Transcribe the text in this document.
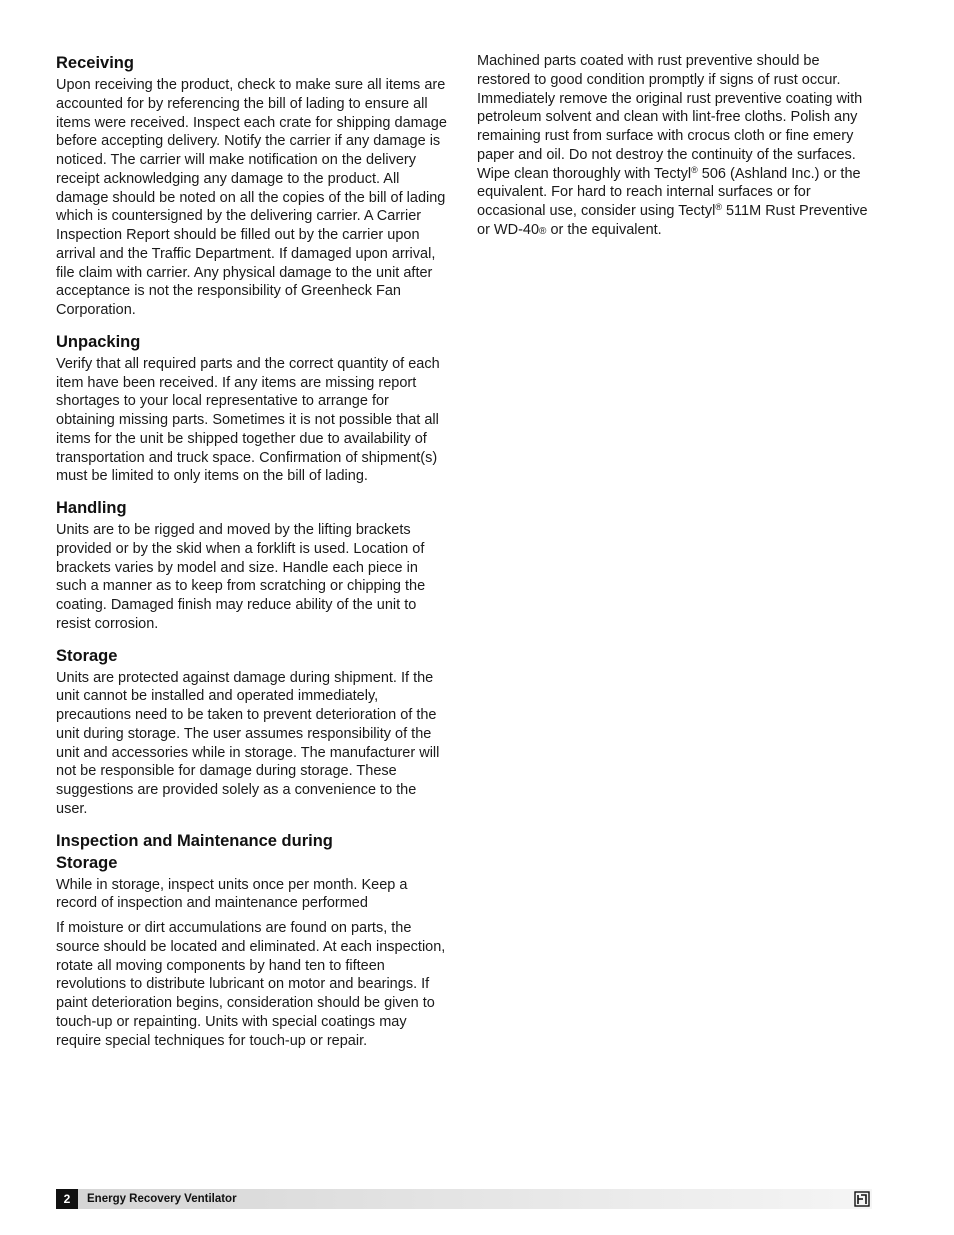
Receiving

Upon receiving the product, check to make sure all items are accounted for by referencing the bill of lading to ensure all items were received. Inspect each crate for shipping damage before accepting delivery. Notify the carrier if any damage is noticed. The carrier will make notification on the delivery receipt acknowledging any damage to the product. All damage should be noted on all the copies of the bill of lading which is countersigned by the delivering carrier. A Carrier Inspection Report should be filled out by the carrier upon arrival and the Traffic Department. If damaged upon arrival, file claim with carrier. Any physical damage to the unit after acceptance is not the responsibility of Greenheck Fan Corporation.

Unpacking

Verify that all required parts and the correct quantity of each item have been received. If any items are missing report shortages to your local representative to arrange for obtaining missing parts. Sometimes it is not possible that all items for the unit be shipped together due to availability of transportation and truck space. Confirmation of shipment(s) must be limited to only items on the bill of lading.

Handling

Units are to be rigged and moved by the lifting brackets provided or by the skid when a forklift is used. Location of brackets varies by model and size. Handle each piece in such a manner as to keep from scratching or chipping the coating. Damaged finish may reduce ability of the unit to resist corrosion.

Storage

Units are protected against damage during shipment. If the unit cannot be installed and operated immediately, precautions need to be taken to prevent deterioration of the unit during storage. The user assumes responsibility of the unit and accessories while in storage. The manufacturer will not be responsible for damage during storage. These suggestions are provided solely as a convenience to the user.

Inspection and Maintenance during Storage

While in storage, inspect units once per month. Keep a record of inspection and maintenance performed

If moisture or dirt accumulations are found on parts, the source should be located and eliminated. At each inspection, rotate all moving components by hand ten to fifteen revolutions to distribute lubricant on motor and bearings. If paint deterioration begins, consideration should be given to touch-up or repainting. Units with special coatings may require special techniques for touch-up or repair.

Machined parts coated with rust preventive should be restored to good condition promptly if signs of rust occur. Immediately remove the original rust preventive coating with petroleum solvent and clean with lint-free cloths. Polish any remaining rust from surface with crocus cloth or fine emery paper and oil. Do not destroy the continuity of the surfaces. Wipe clean thoroughly with Tectyl® 506 (Ashland Inc.) or the equivalent. For hard to reach internal surfaces or for occasional use, consider using Tectyl® 511M Rust Preventive or WD-40® or the equivalent.

2	Energy Recovery Ventilator
